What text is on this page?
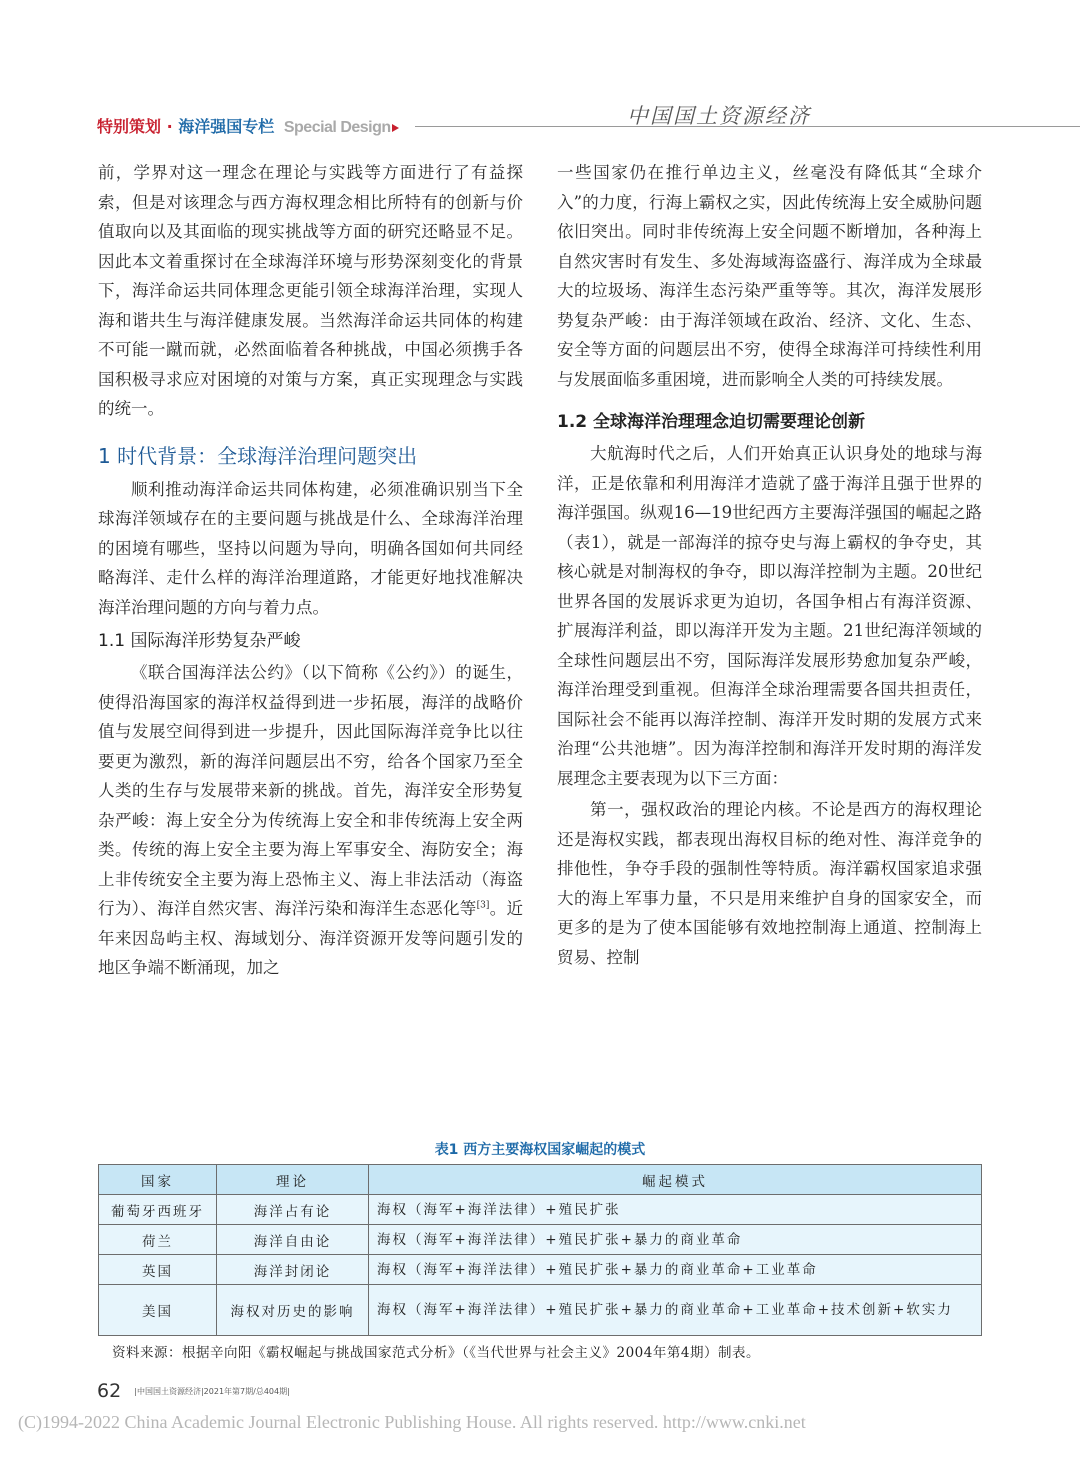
特别策划 · 海洋强国专栏 Special Design	中国国土资源经济

前，学界对这一理念在理论与实践等方面进行了有益探索，但是对该理念与西方海权理念相比所特有的创新与价值取向以及其面临的现实挑战等方面的研究还略显不足。因此本文着重探讨在全球海洋环境与形势深刻变化的背景下，海洋命运共同体理念更能引领全球海洋治理，实现人海和谐共生与海洋健康发展。当然海洋命运共同体的构建不可能一蹴而就，必然面临着各种挑战，中国必须携手各国积极寻求应对困境的对策与方案，真正实现理念与实践的统一。

1 时代背景：全球海洋治理问题突出

顺利推动海洋命运共同体构建，必须准确识别当下全球海洋领域存在的主要问题与挑战是什么、全球海洋治理的困境有哪些，坚持以问题为导向，明确各国如何共同经略海洋、走什么样的海洋治理道路，才能更好地找准解决海洋治理问题的方向与着力点。

1.1 国际海洋形势复杂严峻

《联合国海洋法公约》（以下简称《公约》）的诞生，使得沿海国家的海洋权益得到进一步拓展，海洋的战略价值与发展空间得到进一步提升，因此国际海洋竞争比以往要更为激烈，新的海洋问题层出不穷，给各个国家乃至全人类的生存与发展带来新的挑战。首先，海洋安全形势复杂严峻：海上安全分为传统海上安全和非传统海上安全两类。传统的海上安全主要为海上军事安全、海防安全；海上非传统安全主要为海上恐怖主义、海上非法活动（海盗行为）、海洋自然灾害、海洋污染和海洋生态恶化等[3]。近年来因岛屿主权、海域划分、海洋资源开发等问题引发的地区争端不断涌现，加之

一些国家仍在推行单边主义，丝毫没有降低其“全球介入”的力度，行海上霸权之实，因此传统海上安全威胁问题依旧突出。同时非传统海上安全问题不断增加，各种海上自然灾害时有发生、多处海域海盗盛行、海洋成为全球最大的垃圾场、海洋生态污染严重等等。其次，海洋发展形势复杂严峻：由于海洋领域在政治、经济、文化、生态、安全等方面的问题层出不穷，使得全球海洋可持续性利用与发展面临多重困境，进而影响全人类的可持续发展。

1.2 全球海洋治理理念迫切需要理论创新

大航海时代之后，人们开始真正认识身处的地球与海洋，正是依靠和利用海洋才造就了盛于海洋且强于世界的海洋强国。纵观16—19世纪西方主要海洋强国的崛起之路（表1），就是一部海洋的掠夺史与海上霸权的争夺史，其核心就是对制海权的争夺，即以海洋控制为主题。20世纪世界各国的发展诉求更为迫切，各国争相占有海洋资源、扩展海洋利益，即以海洋开发为主题。21世纪海洋领域的全球性问题层出不穷，国际海洋发展形势愈加复杂严峻，海洋治理受到重视。但海洋全球治理需要各国共担责任，国际社会不能再以海洋控制、海洋开发时期的发展方式来治理“公共池塘”。因为海洋控制和海洋开发时期的海洋发展理念主要表现为以下三方面：

第一，强权政治的理论内核。不论是西方的海权理论还是海权实践，都表现出海权目标的绝对性、海洋竞争的排他性，争夺手段的强制性等特质。海洋霸权国家追求强大的海上军事力量，不只是用来维护自身的国家安全，而更多的是为了使本国能够有效地控制海上通道、控制海上贸易、控制

表1 西方主要海权国家崛起的模式
国家	理论	崛起模式
葡萄牙西班牙	海洋占有论	海权（海军+海洋法律）+殖民扩张
荷兰	海洋自由论	海权（海军+海洋法律）+殖民扩张+暴力的商业革命
英国	海洋封闭论	海权（海军+海洋法律）+殖民扩张+暴力的商业革命+工业革命
美国	海权对历史的影响	海权（海军+海洋法律）+殖民扩张+暴力的商业革命+工业革命+技术创新+软实力
资料来源：根据辛向阳《霸权崛起与挑战国家范式分析》（《当代世界与社会主义》2004年第4期）制表。
62 |中国国土资源经济|2021年第7期/总404期|
(C)1994-2022 China Academic Journal Electronic Publishing House. All rights reserved. http://www.cnki.net
